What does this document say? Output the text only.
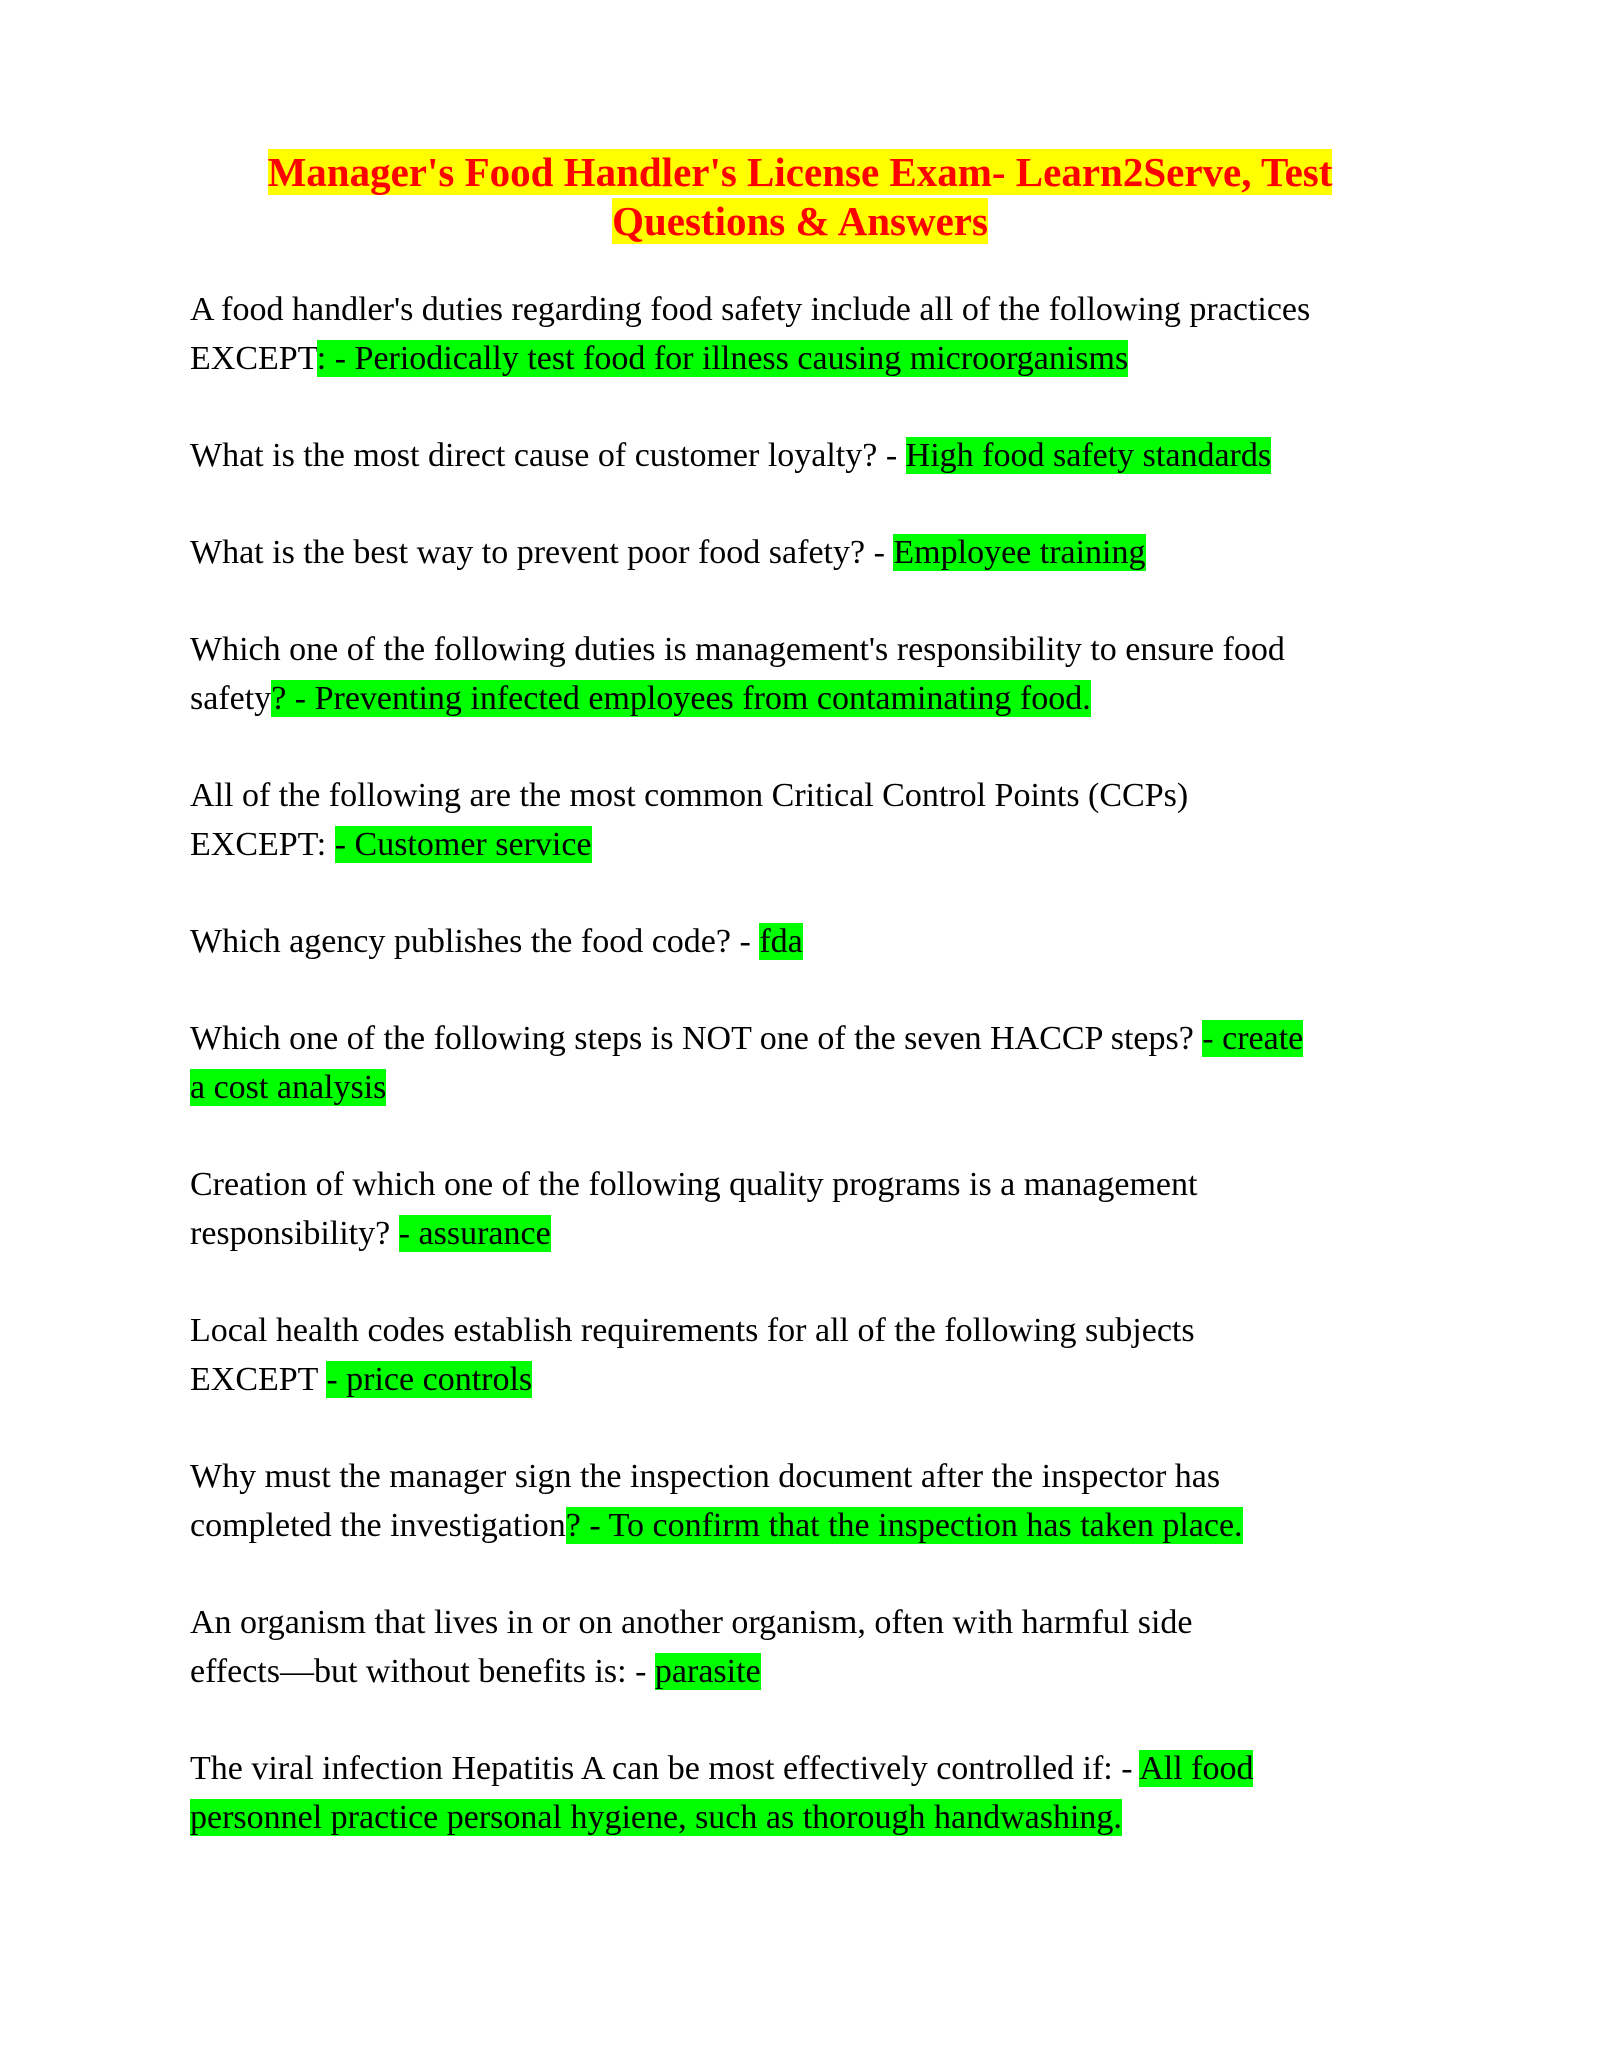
Manager's Food Handler's License Exam- Learn2Serve, Test
Questions & Answers
A food handler's duties regarding food safety include all of the following practices
EXCEPT: - Periodically test food for illness causing microorganisms
What is the most direct cause of customer loyalty? - High food safety standards
What is the best way to prevent poor food safety? - Employee training
Which one of the following duties is management's responsibility to ensure food
safety? - Preventing infected employees from contaminating food.
All of the following are the most common Critical Control Points (CCPs)
EXCEPT: - Customer service
Which agency publishes the food code? - fda
Which one of the following steps is NOT one of the seven HACCP steps? - create
a cost analysis
Creation of which one of the following quality programs is a management
responsibility? - assurance
Local health codes establish requirements for all of the following subjects
EXCEPT - price controls
Why must the manager sign the inspection document after the inspector has
completed the investigation? - To confirm that the inspection has taken place.
An organism that lives in or on another organism, often with harmful side
effects—but without benefits is: - parasite
The viral infection Hepatitis A can be most effectively controlled if: - All food
personnel practice personal hygiene, such as thorough handwashing.
